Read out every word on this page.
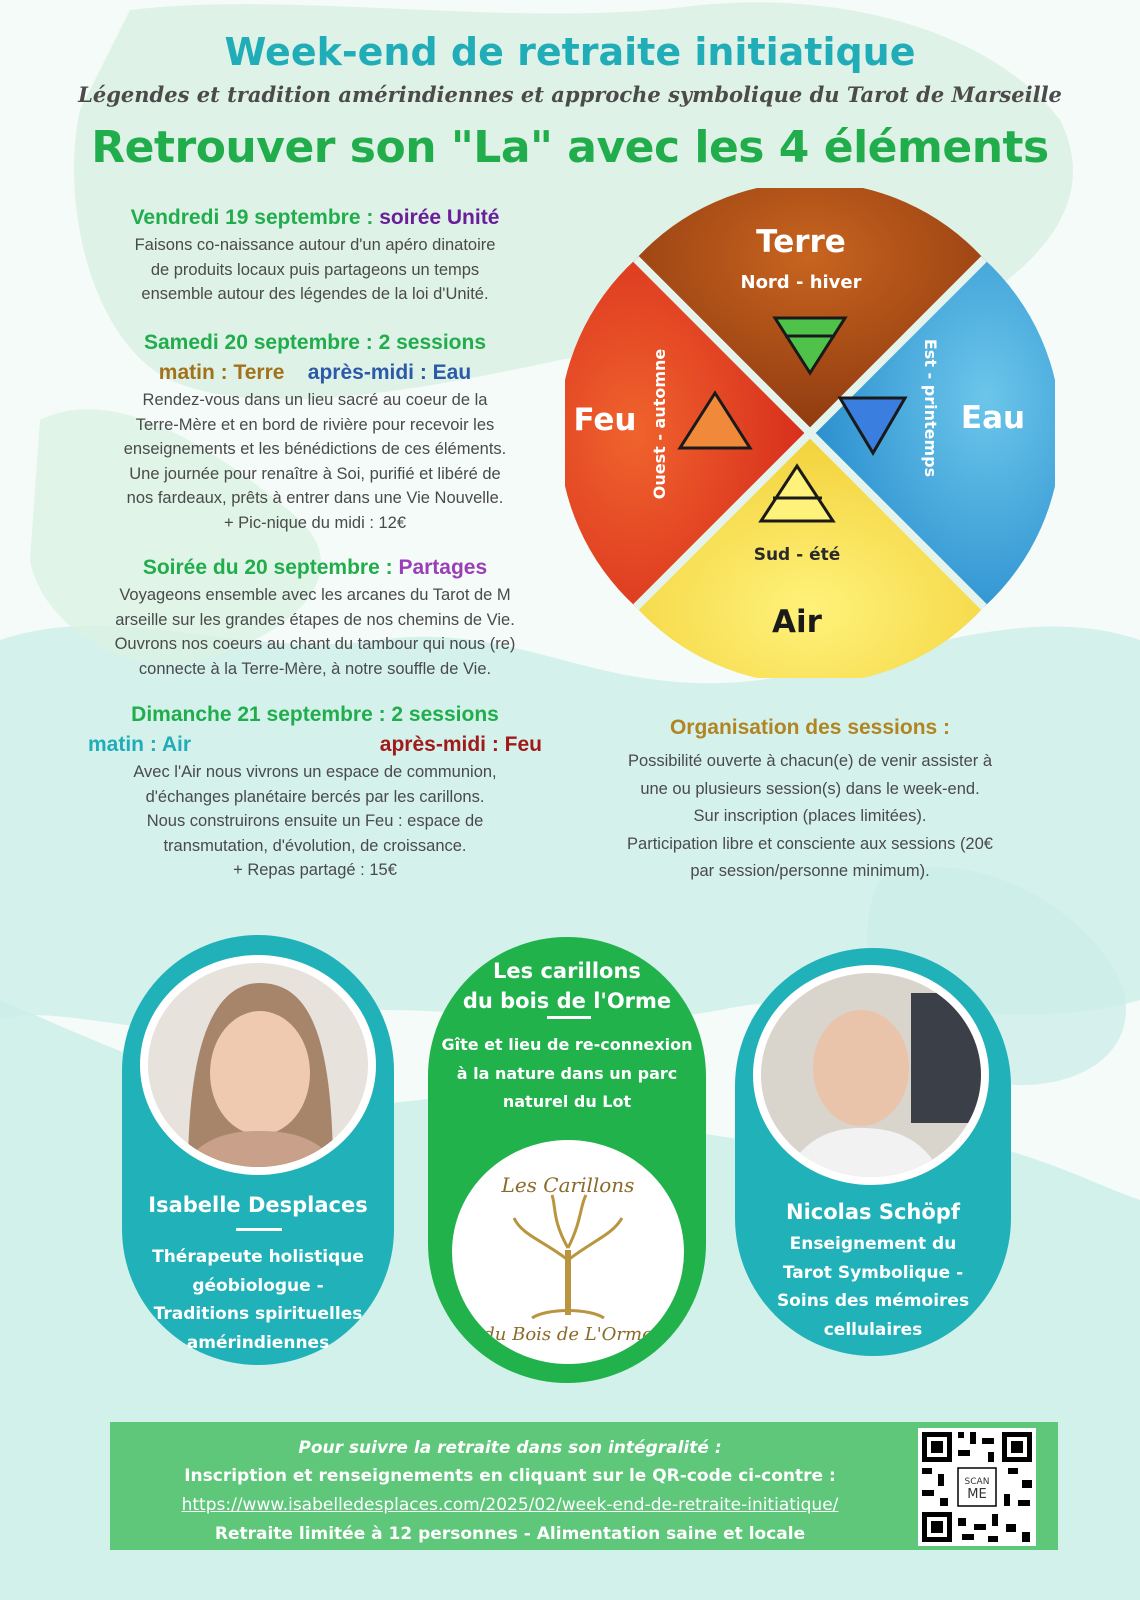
Week-end de retraite initiatique
Légendes et tradition amérindiennes et approche symbolique du Tarot de Marseille
Retrouver son "La" avec les 4 éléments
Vendredi 19 septembre : soirée Unité
Faisons co-naissance autour d'un apéro dinatoire
de produits locaux puis partageons un temps
ensemble autour des légendes de la loi d'Unité.
Samedi 20 septembre : 2 sessions
matin : Terre après-midi : Eau
Rendez-vous dans un lieu sacré au coeur de la
Terre-Mère et en bord de rivière pour recevoir les
enseignements et les bénédictions de ces éléments.
Une journée pour renaître à Soi, purifié et libéré de
nos fardeaux, prêts à entrer dans une Vie Nouvelle.
+ Pic-nique du midi : 12€
Soirée du 20 septembre : Partages
Voyageons ensemble avec les arcanes du Tarot de M
arseille sur les grandes étapes de nos chemins de Vie.
Ouvrons nos coeurs au chant du tambour qui nous (re)
connecte à la Terre-Mère, à notre souffle de Vie.
Dimanche 21 septembre : 2 sessions
matin : Air	après-midi : Feu
Avec l'Air nous vivrons un espace de communion,
d'échanges planétaire bercés par les carillons.
Nous construirons ensuite un Feu : espace de
transmutation, d'évolution, de croissance.
+ Repas partagé : 15€
Terre
Nord - hiver
Eau
Est - printemps
Air
Sud - été
Feu Ouest - automne
Organisation des sessions :
Possibilité ouverte à chacun(e) de venir assister à
une ou plusieurs session(s) dans le week-end.
Sur inscription (places limitées).
Participation libre et consciente aux sessions (20€
par session/personne minimum).
Isabelle Desplaces
Thérapeute holistique
géobiologue -
Traditions spirituelles
amérindiennes
Les carillons
du bois de l'Orme
Gîte et lieu de re-connexion
à la nature dans un parc
naturel du Lot
Les Carillons
du Bois de L'Orme
Nicolas Schöpf
Enseignement du
Tarot Symbolique -
Soins des mémoires
cellulaires
Pour suivre la retraite dans son intégralité :
Inscription et renseignements en cliquant sur le QR-code ci-contre :
https://www.isabelledesplaces.com/2025/02/week-end-de-retraite-initiatique/
Retraite limitée à 12 personnes - Alimentation saine et locale
SCAN
ME
